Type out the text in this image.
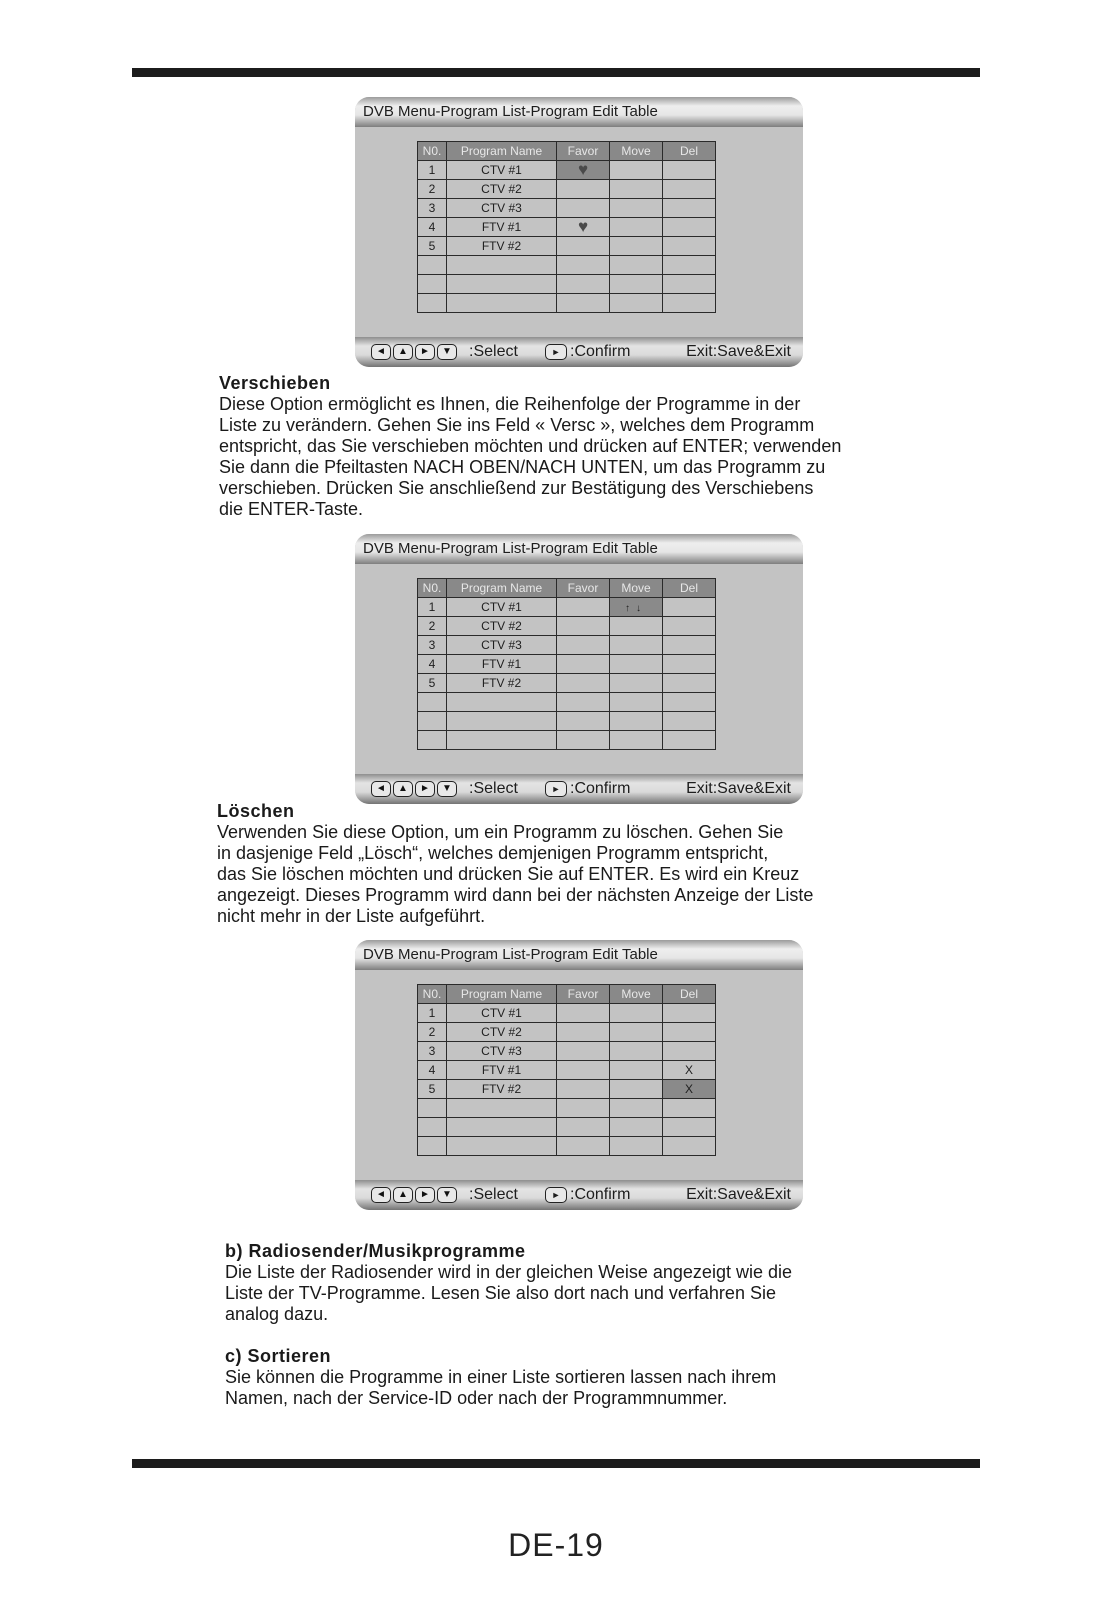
DVB Menu-Program List-Program Edit Table
N0.	Program Name	Favor	Move	Del
1	CTV #1	♥		
2	CTV #2			
3	CTV #3			
4	FTV #1	♥		
5	FTV #2			

◄	▲	►	▼	:Select	► :Confirm	Exit:Save&Exit
Verschieben

Diese Option ermöglicht es Ihnen, die Reihenfolge der Programme in der
Liste zu verändern. Gehen Sie ins Feld « Versc », welches dem Programm
entspricht, das Sie verschieben möchten und drücken auf ENTER; verwenden
Sie dann die Pfeiltasten NACH OBEN/NACH UNTEN, um das Programm zu
verschieben. Drücken Sie anschließend zur Bestätigung des Verschiebens
die ENTER-Taste.

DVB Menu-Program List-Program Edit Table
N0.	Program Name	Favor	Move	Del
1	CTV #1		↑↓	
2	CTV #2			
3	CTV #3			
4	FTV #1			
5	FTV #2			

◄	▲	►	▼	:Select	► :Confirm	Exit:Save&Exit
Löschen

Verwenden Sie diese Option, um ein Programm zu löschen. Gehen Sie
in dasjenige Feld „Lösch“, welches demjenigen Programm entspricht,
das Sie löschen möchten und drücken Sie auf ENTER. Es wird ein Kreuz
angezeigt. Dieses Programm wird dann bei der nächsten Anzeige der Liste
nicht mehr in der Liste aufgeführt.

DVB Menu-Program List-Program Edit Table
N0.	Program Name	Favor	Move	Del
1	CTV #1			
2	CTV #2			
3	CTV #3			
4	FTV #1			X
5	FTV #2			X

◄	▲	►	▼	:Select	► :Confirm	Exit:Save&Exit
b) Radiosender/Musikprogramme

Die Liste der Radiosender wird in der gleichen Weise angezeigt wie die
Liste der TV-Programme. Lesen Sie also dort nach und verfahren Sie
analog dazu.

c) Sortieren

Sie können die Programme in einer Liste sortieren lassen nach ihrem
Namen, nach der Service-ID oder nach der Programmnummer.

DE-19
